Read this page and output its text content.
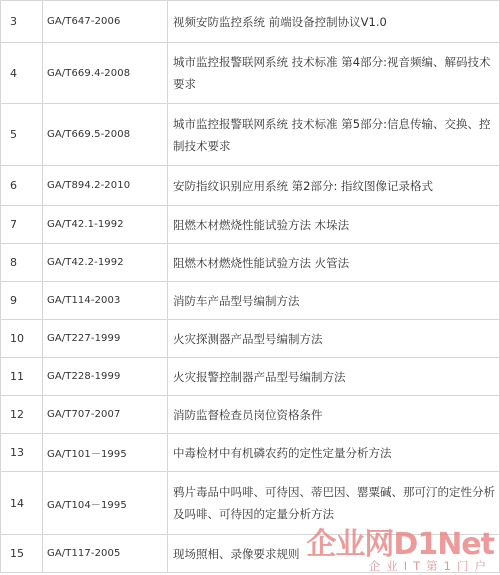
3	GA/T647-2006	视频安防监控系统 前端设备控制协议V1.0
4	GA/T669.4-2008	城市监控报警联网系统 技术标准 第4部分:视音频编、解码技术要求
5	GA/T669.5-2008	城市监控报警联网系统 技术标准 第5部分:信息传输、交换、控制技术要求
6	GA/T894.2-2010	安防指纹识别应用系统 第2部分: 指纹图像记录格式
7	GA/T42.1-1992	阻燃木材燃烧性能试验方法 木垛法
8	GA/T42.2-1992	阻燃木材燃烧性能试验方法 火管法
9	GA/T114-2003	消防车产品型号编制方法
10	GA/T227-1999	火灾探测器产品型号编制方法
11	GA/T228-1999	火灾报警控制器产品型号编制方法
12	GA/T707-2007	消防监督检查员岗位资格条件
13	GA/T101－1995	中毒检材中有机磷农药的定性定量分析方法
14	GA/T104－1995	鸦片毒品中吗啡、可待因、蒂巴因、罂粟碱、那可汀的定性分析及吗啡、可待因的定量分析方法
15	GA/T117-2005	现场照相、录像要求规则 企业网D1Net
企业IT第1门户
